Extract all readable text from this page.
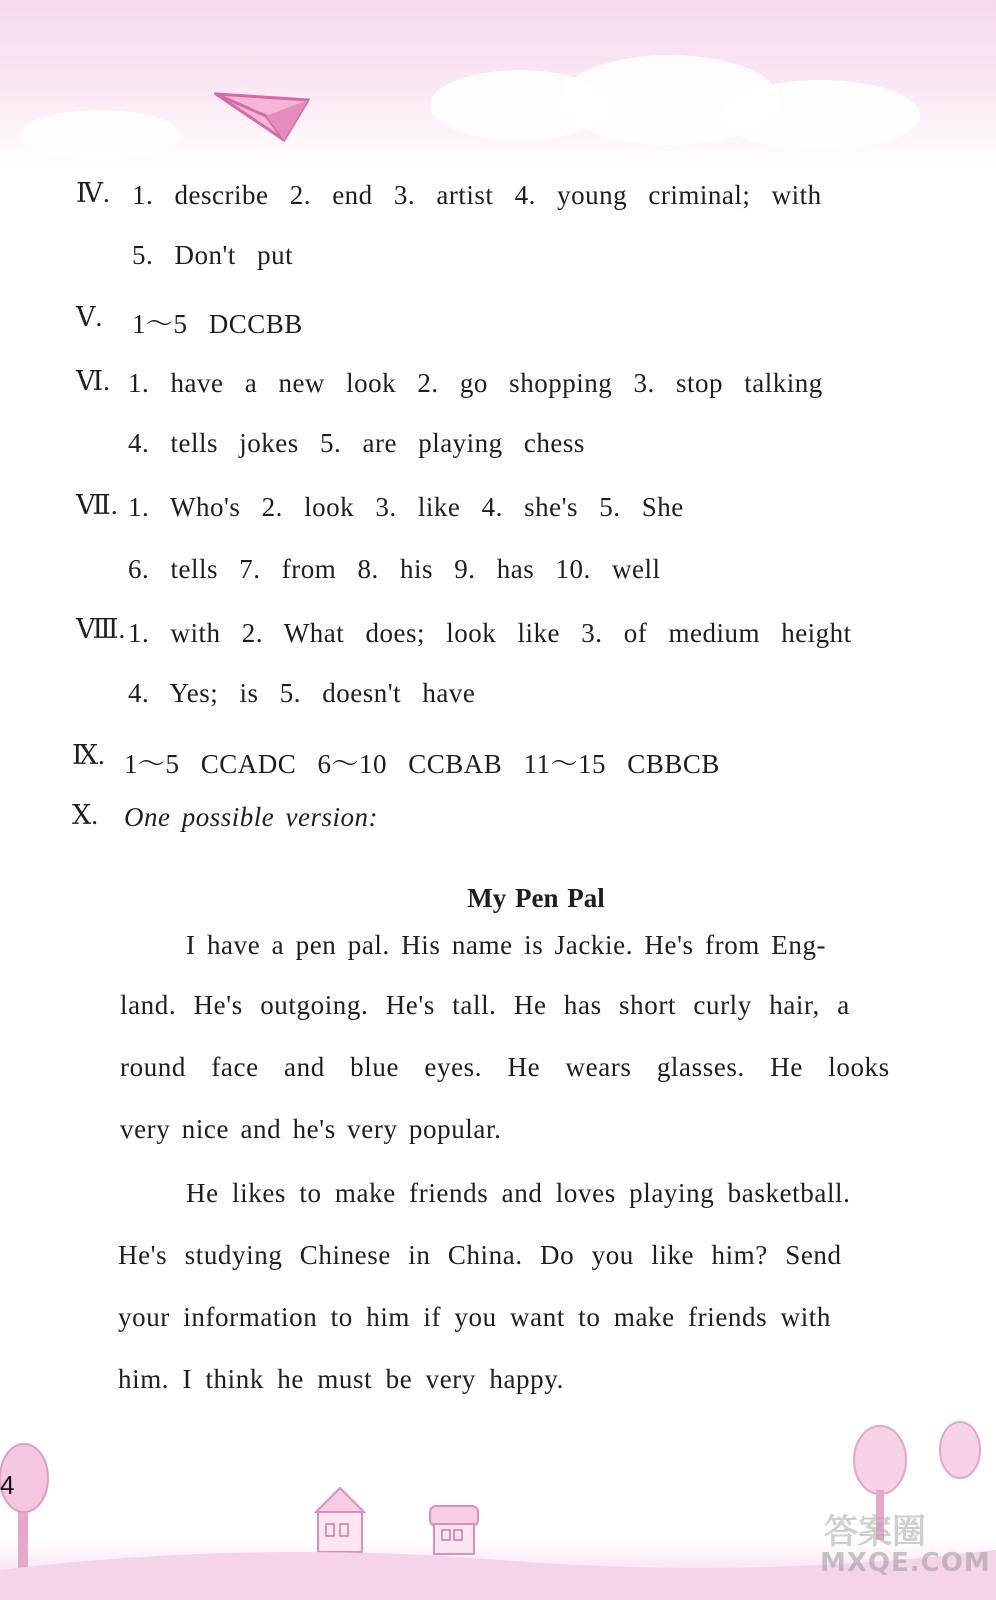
Ⅳ. 1. describe 2. end 3. artist 4. young criminal; with
5. Don't put
Ⅴ. 1～5 DCCBB
Ⅵ. 1. have a new look 2. go shopping 3. stop talking
4. tells jokes 5. are playing chess
Ⅶ. 1. Who's 2. look 3. like 4. she's 5. She
6. tells 7. from 8. his 9. has 10. well
Ⅷ. 1. with 2. What does; look like 3. of medium height
4. Yes; is 5. doesn't have
Ⅸ. 1～5 CCADC 6～10 CCBAB 11～15 CBBCB
Ⅹ. One possible version:
My Pen Pal
I have a pen pal. His name is Jackie. He's from Eng-
land. He's outgoing. He's tall. He has short curly hair, a
round face and blue eyes. He wears glasses. He looks
very nice and he's very popular.
He likes to make friends and loves playing basketball.
He's studying Chinese in China. Do you like him? Send
your information to him if you want to make friends with
him. I think he must be very happy.
4
答案圈
MXQE.COM
